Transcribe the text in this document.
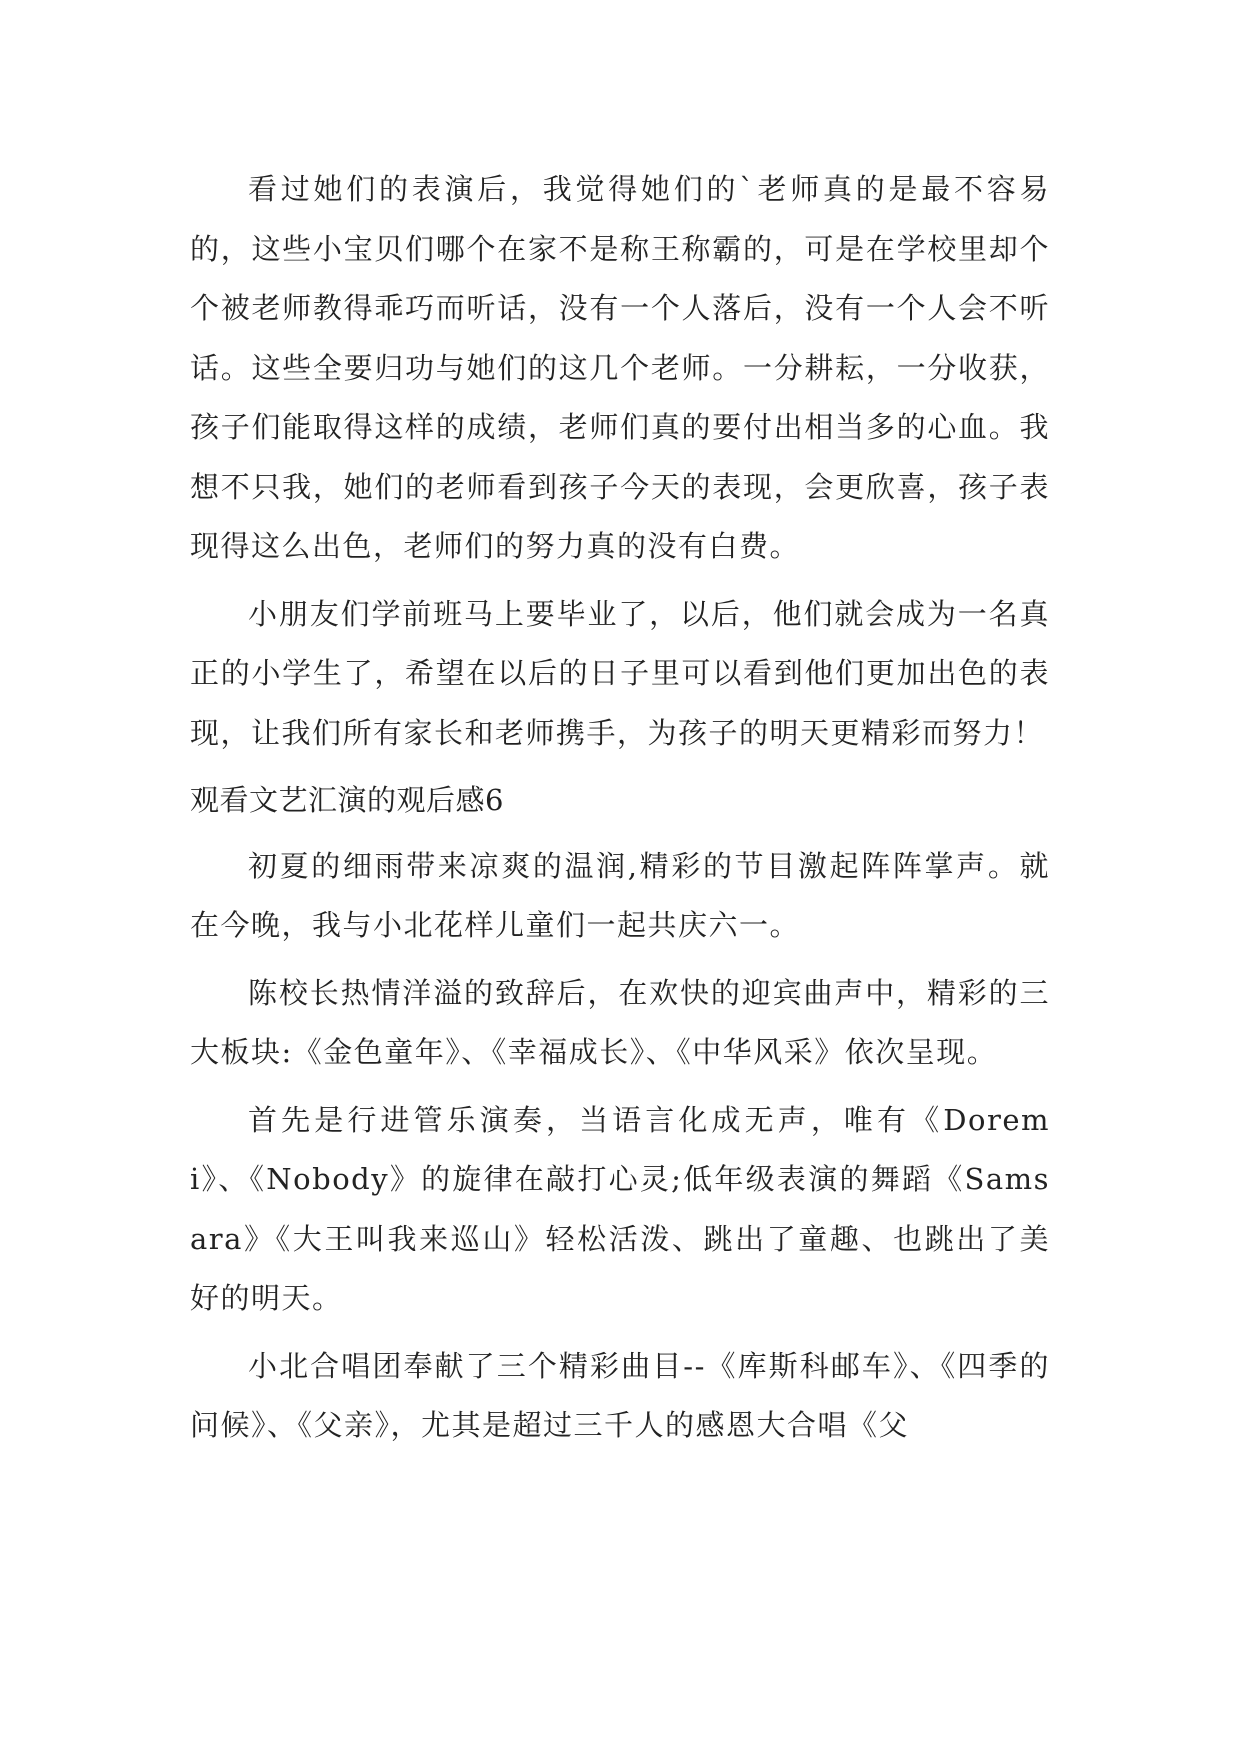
看过她们的表演后，我觉得她们的`老师真的是最不容易的，这些小宝贝们哪个在家不是称王称霸的，可是在学校里却个个被老师教得乖巧而听话，没有一个人落后，没有一个人会不听话。这些全要归功与她们的这几个老师。一分耕耘，一分收获，孩子们能取得这样的成绩，老师们真的要付出相当多的心血。我想不只我，她们的老师看到孩子今天的表现，会更欣喜，孩子表现得这么出色，老师们的努力真的没有白费。

小朋友们学前班马上要毕业了，以后，他们就会成为一名真正的小学生了，希望在以后的日子里可以看到他们更加出色的表现，让我们所有家长和老师携手，为孩子的明天更精彩而努力！

观看文艺汇演的观后感6

初夏的细雨带来凉爽的温润,精彩的节目激起阵阵掌声。就在今晚，我与小北花样儿童们一起共庆六一。

陈校长热情洋溢的致辞后，在欢快的迎宾曲声中，精彩的三大板块:《金色童年》、《幸福成长》、《中华风采》依次呈现。

首先是行进管乐演奏，当语言化成无声，唯有《Doremi》、《Nobody》的旋律在敲打心灵;低年级表演的舞蹈《Samsara》《大王叫我来巡山》轻松活泼、跳出了童趣、也跳出了美好的明天。

小北合唱团奉献了三个精彩曲目--《库斯科邮车》、《四季的问候》、《父亲》，尤其是超过三千人的感恩大合唱《父
